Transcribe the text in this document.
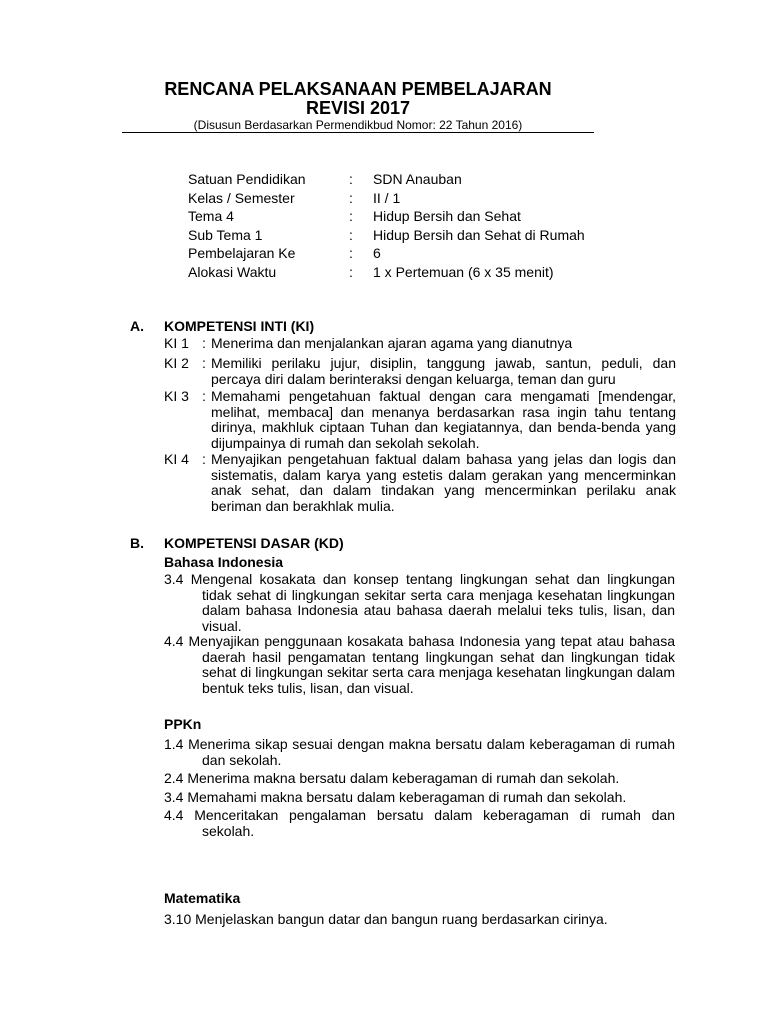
RENCANA PELAKSANAAN PEMBELAJARAN
REVISI 2017
(Disusun Berdasarkan Permendikbud Nomor: 22 Tahun 2016)
Satuan Pendidikan	: SDN Anauban
Kelas / Semester	: II / 1
Tema 4	: Hidup Bersih dan Sehat
Sub Tema 1	: Hidup Bersih dan Sehat di Rumah
Pembelajaran Ke	: 6
Alokasi Waktu	: 1 x Pertemuan (6 x 35 menit)
A. KOMPETENSI INTI (KI)
KI 1 : Menerima dan menjalankan ajaran agama yang dianutnya
KI 2 : Memiliki perilaku jujur, disiplin, tanggung jawab, santun, peduli, dan percaya diri dalam berinteraksi dengan keluarga, teman dan guru
KI 3 : Memahami pengetahuan faktual dengan cara mengamati [mendengar, melihat, membaca] dan menanya berdasarkan rasa ingin tahu tentang dirinya, makhluk ciptaan Tuhan dan kegiatannya, dan benda-benda yang dijumpainya di rumah dan sekolah sekolah.
KI 4 : Menyajikan pengetahuan faktual dalam bahasa yang jelas dan logis dan sistematis, dalam karya yang estetis dalam gerakan yang mencerminkan anak sehat, dan dalam tindakan yang mencerminkan perilaku anak beriman dan berakhlak mulia.
B. KOMPETENSI DASAR (KD)
Bahasa Indonesia
3.4 Mengenal kosakata dan konsep tentang lingkungan sehat dan lingkungan tidak sehat di lingkungan sekitar serta cara menjaga kesehatan lingkungan dalam bahasa Indonesia atau bahasa daerah melalui teks tulis, lisan, dan visual.
4.4 Menyajikan penggunaan kosakata bahasa Indonesia yang tepat atau bahasa daerah hasil pengamatan tentang lingkungan sehat dan lingkungan tidak sehat di lingkungan sekitar serta cara menjaga kesehatan lingkungan dalam bentuk teks tulis, lisan, dan visual.
PPKn
1.4 Menerima sikap sesuai dengan makna bersatu dalam keberagaman di rumah dan sekolah.
2.4 Menerima makna bersatu dalam keberagaman di rumah dan sekolah.
3.4 Memahami makna bersatu dalam keberagaman di rumah dan sekolah.
4.4 Menceritakan pengalaman bersatu dalam keberagaman di rumah dan sekolah.
Matematika
3.10 Menjelaskan bangun datar dan bangun ruang berdasarkan cirinya.
